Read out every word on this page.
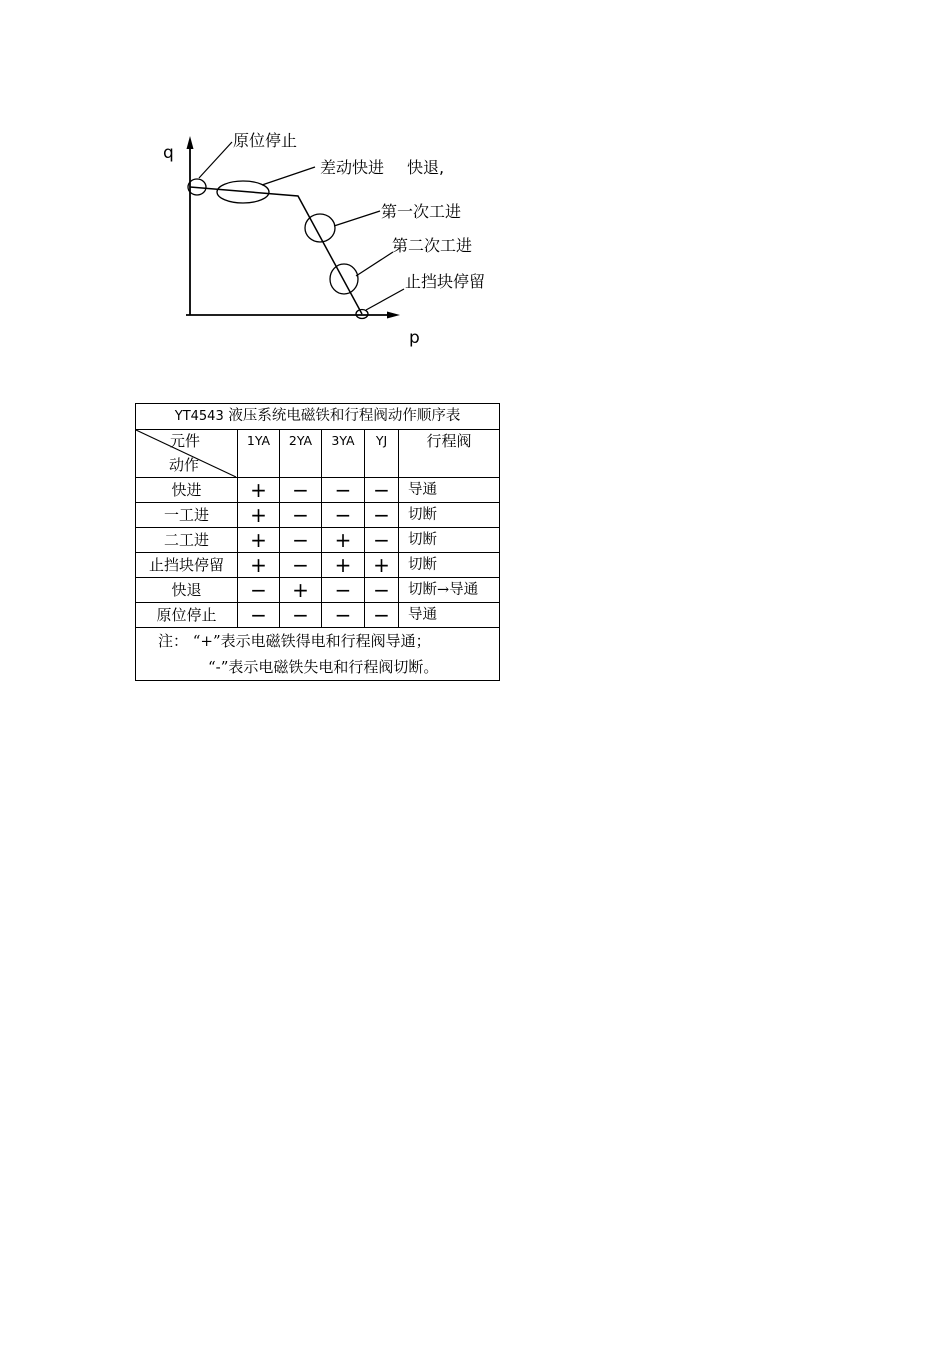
q
p
原位停止
差动快进 快退,
第一次工进
第二次工进
止挡块停留
YT4543 液压系统电磁铁和行程阀动作顺序表					

元件
动作	1YA	2YA	3YA	YJ	行程阀
快进	+	−	−	−	导通
一工进	+	−	−	−	切断
二工进	+	−	+	−	切断
止挡块停留	+	−	+	+	切断
快退	−	+	−	−	切断→导通
原位停止	−	−	−	−	导通

注： “+”表示电磁铁得电和行程阀导通；
“-”表示电磁铁失电和行程阀切断。					
